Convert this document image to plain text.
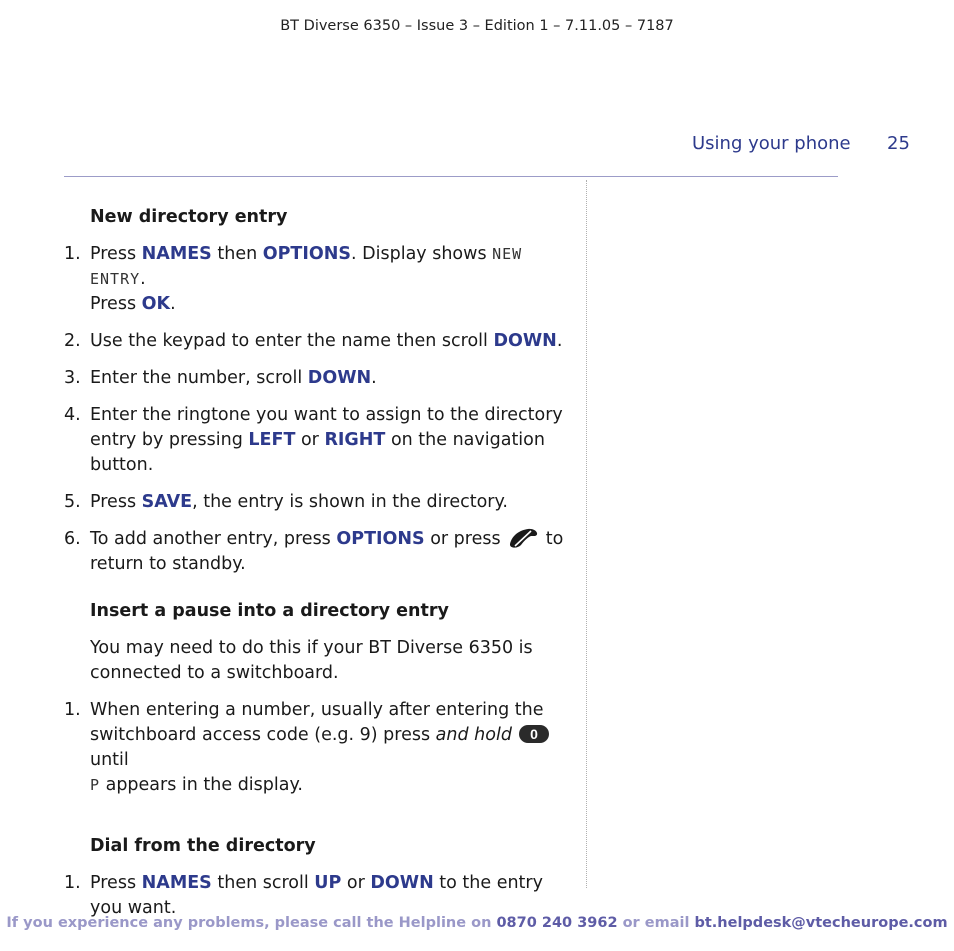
BT Diverse 6350 – Issue 3 – Edition 1 – 7.11.05 – 7187
Using your phone 25
New directory entry
1. Press NAMES then OPTIONS. Display shows NEW ENTRY.
Press OK.
2. Use the keypad to enter the name then scroll DOWN.
3. Enter the number, scroll DOWN.
4. Enter the ringtone you want to assign to the directory entry by pressing LEFT or RIGHT on the navigation button.
5. Press SAVE, the entry is shown in the directory.
6. To add another entry, press OPTIONS or press  to return to standby.
Insert a pause into a directory entry

You may need to do this if your BT Diverse 6350 is connected to a switchboard.

1. When entering a number, usually after entering the switchboard access code (e.g. 9) press and hold 0
until
P appears in the display.
Dial from the directory
1. Press NAMES then scroll UP or DOWN to the entry you want.
If you experience any problems, please call the Helpline on 0870 240 3962 or email bt.helpdesk@vtecheurope.com
